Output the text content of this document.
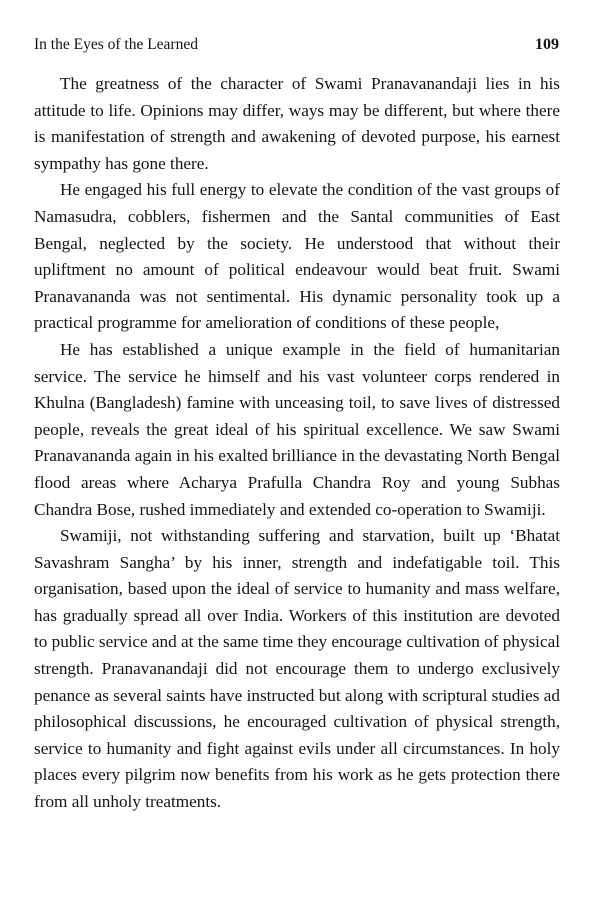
In the Eyes of the Learned	109

The greatness of the character of Swami Pranavanandaji lies in his attitude to life. Opinions may differ, ways may be different, but where there is manifestation of strength and awakening of devoted purpose, his earnest sympathy has gone there.

He engaged his full energy to elevate the condition of the vast groups of Namasudra, cobblers, fishermen and the Santal communities of East Bengal, neglected by the society. He understood that without their upliftment no amount of political endeavour would beat fruit. Swami Pranavananda was not sentimental. His dynamic personality took up a practical programme for amelioration of conditions of these people,

He has established a unique example in the field of humanitarian service. The service he himself and his vast volunteer corps rendered in Khulna (Bangladesh) famine with unceasing toil, to save lives of distressed people, reveals the great ideal of his spiritual excellence. We saw Swami Pranavananda again in his exalted brilliance in the devastating North Bengal flood areas where Acharya Prafulla Chandra Roy and young Subhas Chandra Bose, rushed immediately and extended co-operation to Swamiji.

Swamiji, not withstanding suffering and starvation, built up ‘Bhatat Savashram Sangha’ by his inner, strength and indefatigable toil. This organisation, based upon the ideal of service to humanity and mass welfare, has gradually spread all over India. Workers of this institution are devoted to public service and at the same time they encourage cultivation of physical strength. Pranavanandaji did not encourage them to undergo exclusively penance as several saints have instructed but along with scriptural studies ad philosophical discussions, he encouraged cultivation of physical strength, service to humanity and fight against evils under all circumstances. In holy places every pilgrim now benefits from his work as he gets protection there from all unholy treatments.
